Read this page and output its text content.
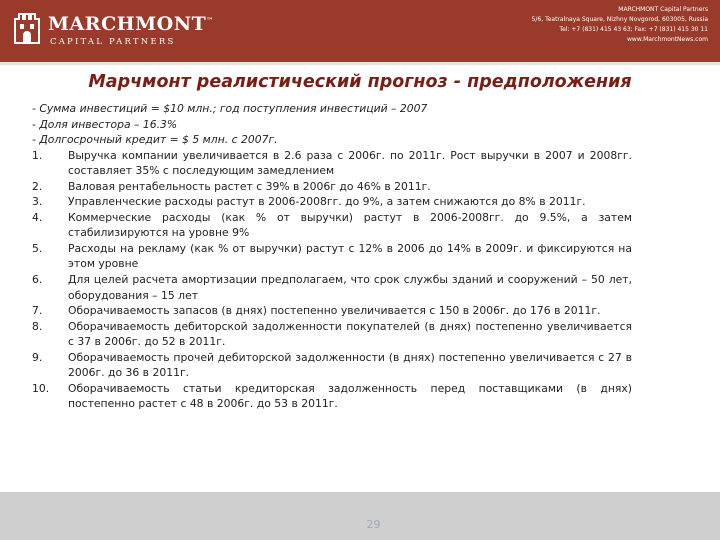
MARCHMONT™
CAPITAL PARTNERS
MARCHMONT Capital Partners
5/6, Teatralnaya Square, Nizhny Novgorod, 603005, Russia
Tel: +7 (831) 415 43 63; Fax: +7 (831) 415 30 11
www.MarchmontNews.com
Марчмонт реалистический прогноз - предположения
- Сумма инвестиций = $10 млн.; год поступления инвестиций – 2007
- Доля инвестора – 16.3%
- Долгосрочный кредит = $ 5 млн. с 2007г.
1.	Выручка компании увеличивается в 2.6 раза с 2006г. по 2011г. Рост выручки в 2007 и 2008гг. составляет 35% с последующим замедлением
2.	Валовая рентабельность растет с 39% в 2006г до 46% в 2011г.
3.	Управленческие расходы растут в 2006-2008гг. до 9%, а затем снижаются до 8% в 2011г.
4.	Коммерческие расходы (как % от выручки) растут в 2006-2008гг. до 9.5%, а затем стабилизируются на уровне 9%
5.	Расходы на рекламу (как % от выручки) растут с 12% в 2006 до 14% в 2009г. и фиксируются на этом уровне
6.	Для целей расчета амортизации предполагаем, что срок службы зданий и сооружений – 50 лет, оборудования – 15 лет
7.	Оборачиваемость запасов (в днях) постепенно увеличивается с 150 в 2006г. до 176 в 2011г.
8.	Оборачиваемость дебиторской задолженности покупателей (в днях) постепенно увеличивается с 37 в 2006г. до 52 в 2011г.
9.	Оборачиваемость прочей дебиторской задолженности (в днях) постепенно увеличивается с 27 в 2006г. до 36 в 2011г.
10.	Оборачиваемость статьи кредиторская задолженность перед поставщиками (в днях) постепенно растет с 48 в 2006г. до 53 в 2011г.
29
